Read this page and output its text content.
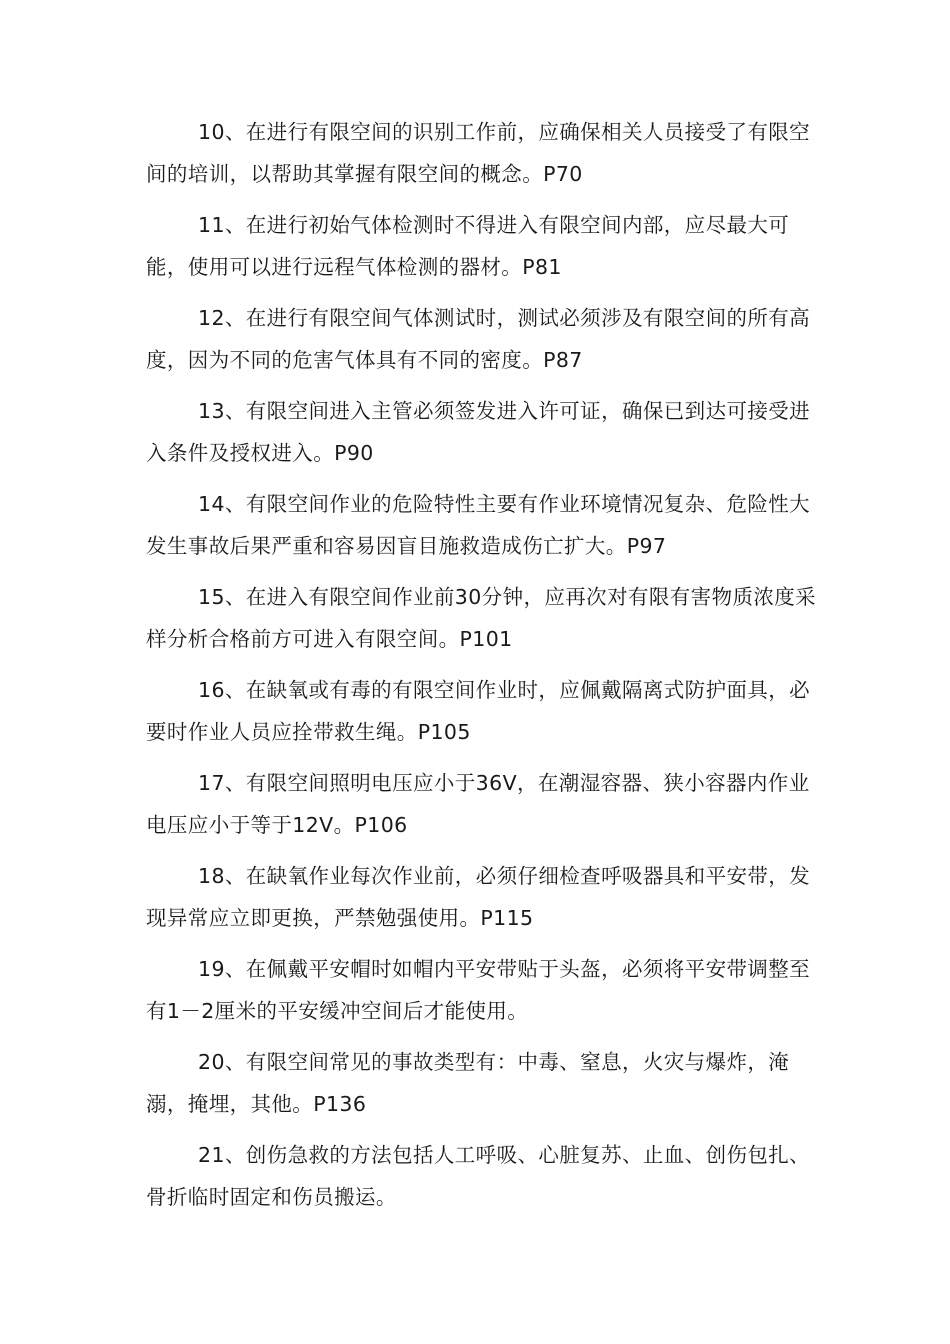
10、在进行有限空间的识别工作前，应确保相关人员接受了有限空间的培训，以帮助其掌握有限空间的概念。P70

11、在进行初始气体检测时不得进入有限空间内部，应尽最大可能，使用可以进行远程气体检测的器材。P81

12、在进行有限空间气体测试时，测试必须涉及有限空间的所有高度，因为不同的危害气体具有不同的密度。P87

13、有限空间进入主管必须签发进入许可证，确保已到达可接受进入条件及授权进入。P90

14、有限空间作业的危险特性主要有作业环境情况复杂、危险性大发生事故后果严重和容易因盲目施救造成伤亡扩大。P97

15、在进入有限空间作业前30分钟，应再次对有限有害物质浓度采样分析合格前方可进入有限空间。P101

16、在缺氧或有毒的有限空间作业时，应佩戴隔离式防护面具，必要时作业人员应拴带救生绳。P105

17、有限空间照明电压应小于36V，在潮湿容器、狭小容器内作业电压应小于等于12V。P106

18、在缺氧作业每次作业前，必须仔细检查呼吸器具和平安带，发现异常应立即更换，严禁勉强使用。P115

19、在佩戴平安帽时如帽内平安带贴于头盔，必须将平安带调整至有1－2厘米的平安缓冲空间后才能使用。

20、有限空间常见的事故类型有：中毒、窒息，火灾与爆炸，淹溺，掩埋，其他。P136

21、创伤急救的方法包括人工呼吸、心脏复苏、止血、创伤包扎、骨折临时固定和伤员搬运。
